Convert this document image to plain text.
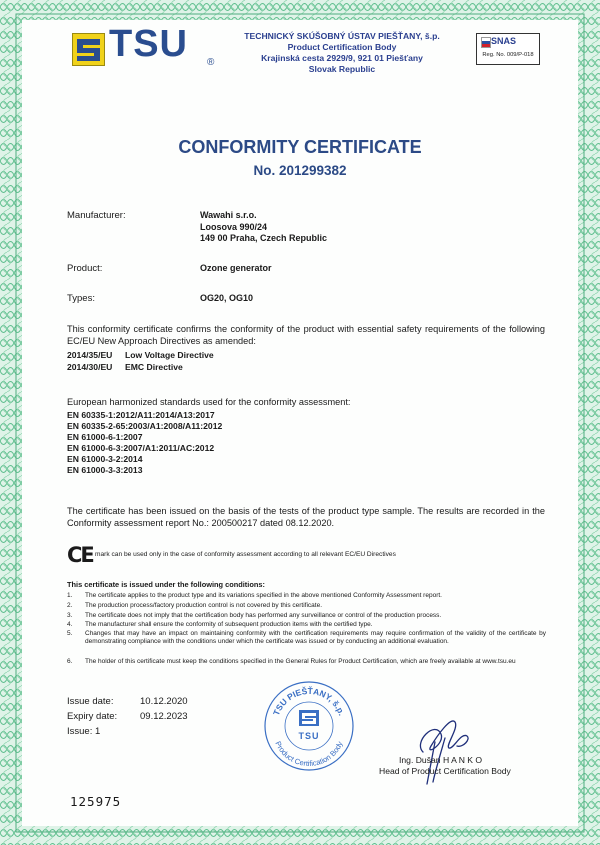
TSU ®
TECHNICKÝ SKÚŠOBNÝ ÚSTAV PIEŠŤANY, š.p.
Product Certification Body
Krajinská cesta 2929/9, 921 01 Piešťany
Slovak Republic
SNAS
Reg. No. 009/P-018
CONFORMITY CERTIFICATE
No. 201299382
Manufacturer:	Wawahi s.r.o.
Loosova 990/24
149 00 Praha, Czech Republic
Product:	Ozone generator
Types:	OG20, OG10
This conformity certificate confirms the conformity of the product with essential safety requirements of the following EC/EU New Approach Directives as amended:
2014/35/EU Low Voltage Directive
2014/30/EU EMC Directive
European harmonized standards used for the conformity assessment:
EN 60335-1:2012/A11:2014/A13:2017
EN 60335-2-65:2003/A1:2008/A11:2012
EN 61000-6-1:2007
EN 61000-6-3:2007/A1:2011/AC:2012
EN 61000-3-2:2014
EN 61000-3-3:2013
The certificate has been issued on the basis of the tests of the product type sample. The results are recorded in the Conformity assessment report No.: 200500217 dated 08.12.2020.
CE mark can be used only in the case of conformity assessment according to all relevant EC/EU Directives
This certificate is issued under the following conditions:
1. The certificate applies to the product type and its variations specified in the above mentioned Conformity Assessment report.
2. The production process/factory production control is not covered by this certificate.
3. The certificate does not imply that the certification body has performed any surveillance or control of the production process.
4. The manufacturer shall ensure the conformity of subsequent production items with the certified type.
5. Changes that may have an impact on maintaining conformity with the certification requirements may require confirmation of the validity of the certificate by demonstrating compliance with the conditions under which the certificate was issued or by conducting an additional evaluation.
6. The holder of this certificate must keep the conditions specified in the General Rules for Product Certification, which are freely available at www.tsu.eu
Issue date:	10.12.2020
Expiry date: 09.12.2023
Issue: 1
TSU PIEŠŤANY, š.p.
Product Certification Body
TSU
Ing. Dušan H A N K O
Head of Product Certification Body
125975
